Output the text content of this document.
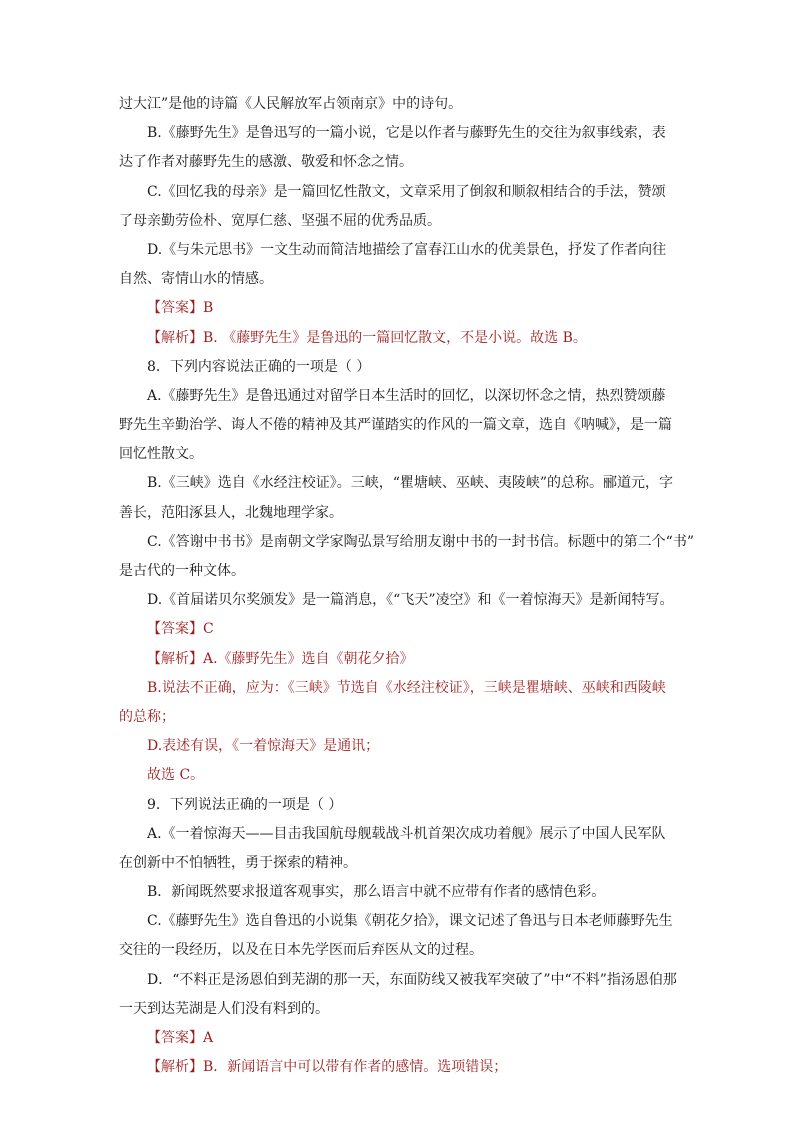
过大江”是他的诗篇《人民解放军占领南京》中的诗句。
B.《藤野先生》是鲁迅写的一篇小说，它是以作者与藤野先生的交往为叙事线索，表
达了作者对藤野先生的感激、敬爱和怀念之情。
C.《回忆我的母亲》是一篇回忆性散文，文章采用了倒叙和顺叙相结合的手法，赞颂
了母亲勤劳俭朴、宽厚仁慈、坚强不屈的优秀品质。
D.《与朱元思书》一文生动而简洁地描绘了富春江山水的优美景色，抒发了作者向往
自然、寄情山水的情感。
【答案】B
【解析】B. 《藤野先生》是鲁迅的一篇回忆散文，不是小说。故选 B。
8．下列内容说法正确的一项是（ ）
A.《藤野先生》是鲁迅通过对留学日本生活时的回忆，以深切怀念之情，热烈赞颂藤
野先生辛勤治学、诲人不倦的精神及其严谨踏实的作风的一篇文章，选自《呐喊》，是一篇
回忆性散文。
B.《三峡》选自《水经注校证》。三峡，“瞿塘峡、巫峡、夷陵峡”的总称。郦道元，字
善长，范阳涿县人，北魏地理学家。
C.《答谢中书书》是南朝文学家陶弘景写给朋友谢中书的一封书信。标题中的第二个“书”
是古代的一种文体。
D.《首届诺贝尔奖颁发》是一篇消息，《“飞天”凌空》和《一着惊海天》是新闻特写。
【答案】C
【解析】A.《藤野先生》选自《朝花夕拾》
B.说法不正确，应为：《三峡》节选自《水经注校证》，三峡是瞿塘峡、巫峡和西陵峡
的总称；
D.表述有误，《一着惊海天》是通讯；
故选 C。
9．下列说法正确的一项是（ ）
A.《一着惊海天——目击我国航母舰载战斗机首架次成功着舰》展示了中国人民军队
在创新中不怕牺牲，勇于探索的精神。
B．新闻既然要求报道客观事实，那么语言中就不应带有作者的感情色彩。
C.《藤野先生》选自鲁迅的小说集《朝花夕拾》，课文记述了鲁迅与日本老师藤野先生
交往的一段经历，以及在日本先学医而后弃医从文的过程。
D．“不料正是汤恩伯到芜湖的那一天，东面防线又被我军突破了”中“不料”指汤恩伯那
一天到达芜湖是人们没有料到的。
【答案】A
【解析】B．新闻语言中可以带有作者的感情。选项错误；
